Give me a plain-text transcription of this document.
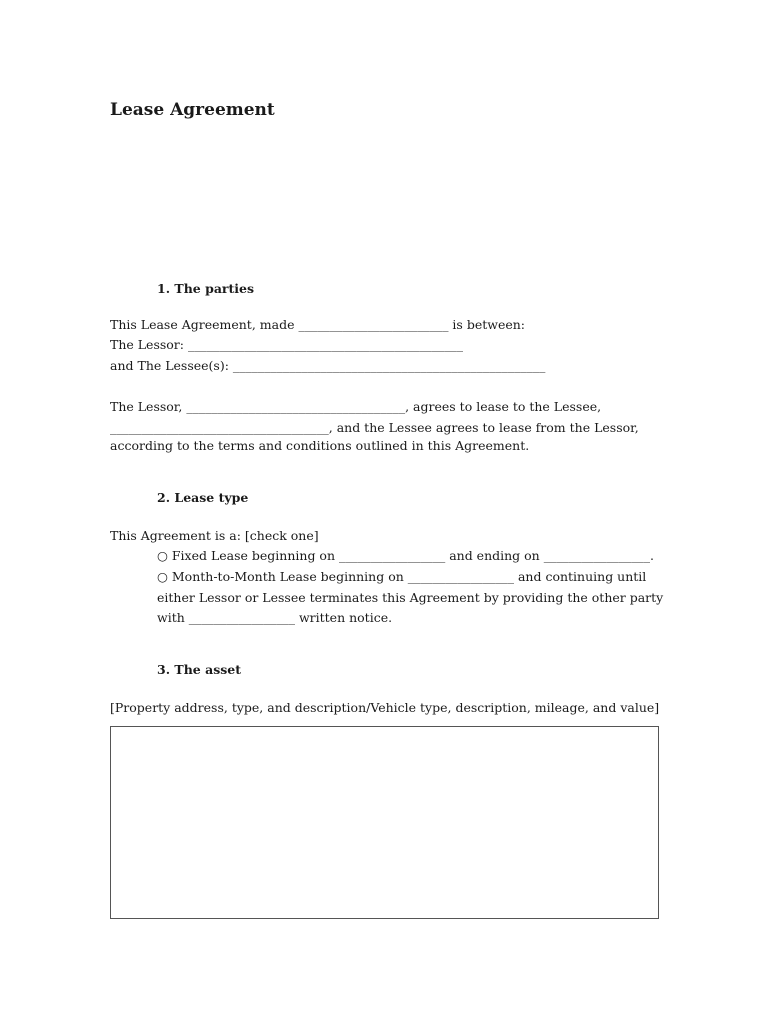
Lease Agreement
1. The parties
This Lease Agreement, made ________________________ is between:
The Lessor: ____________________________________________
and The Lessee(s): __________________________________________________
The Lessor, ___________________________________, agrees to lease to the Lessee,
___________________________________, and the Lessee agrees to lease from the Lessor,
according to the terms and conditions outlined in this Agreement.
2. Lease type
This Agreement is a: [check one]
○ Fixed Lease beginning on _________________ and ending on _________________.
○ Month-to-Month Lease beginning on _________________ and continuing until
either Lessor or Lessee terminates this Agreement by providing the other party
with _________________ written notice.
3. The asset
[Property address, type, and description/Vehicle type, description, mileage, and value]
